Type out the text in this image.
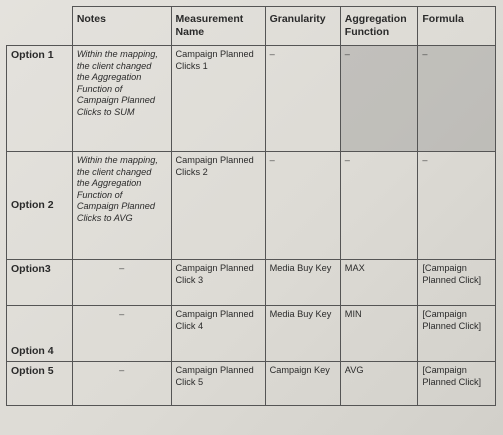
	Notes	Measurement Name	Granularity	Aggregation Function	Formula
Option 1	Within the mapping, the client changed the Aggregation Function of Campaign Planned Clicks to SUM	Campaign Planned Clicks 1	–	–	–
Option 2	Within the mapping, the client changed the Aggregation Function of Campaign Planned Clicks to AVG	Campaign Planned Clicks 2	–	–	–
Option3	–	Campaign Planned Click 3	Media Buy Key	MAX	[Campaign Planned Click]
Option 4	–	Campaign Planned Click 4	Media Buy Key	MIN	[Campaign Planned Click]
Option 5	–	Campaign Planned Click 5	Campaign Key	AVG	[Campaign Planned Click]
